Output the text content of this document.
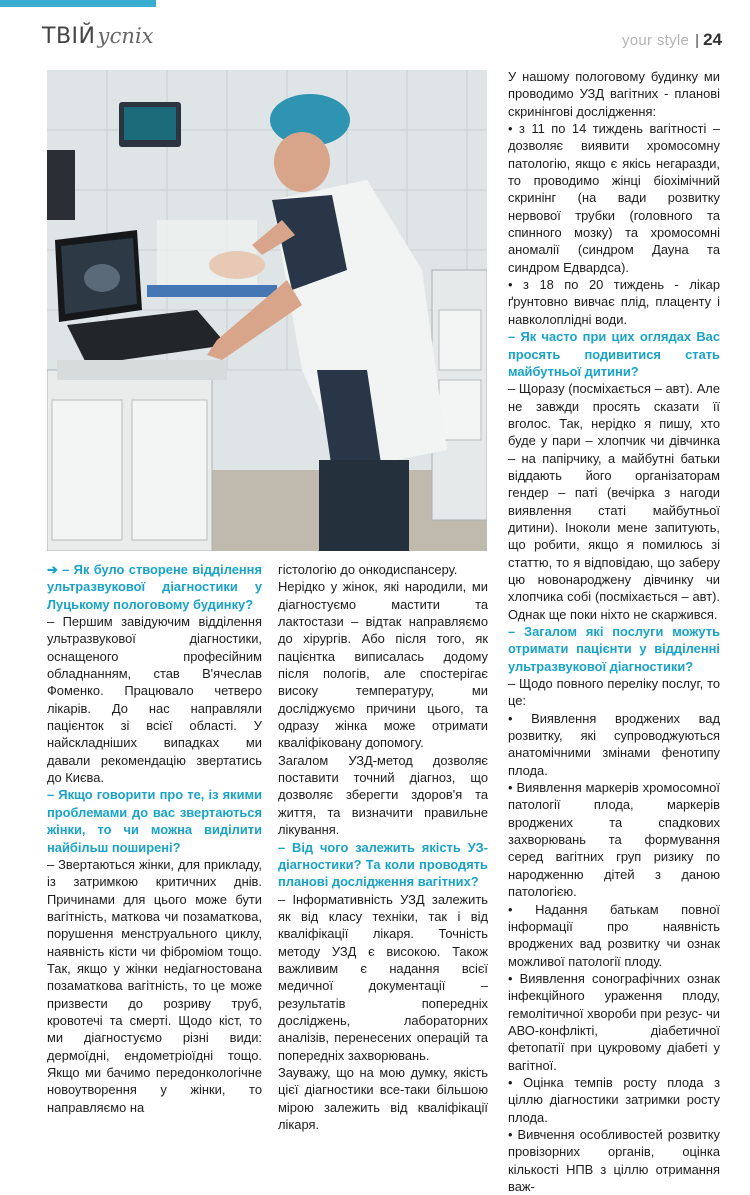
ТВІЙ успіх	your style | 24

➔ – Як було створене відділення ультразвукової діагностики у Луцькому пологовому будинку?

– Першим завідуючим відділення ультразвукової діагностики, оснащеного професійним обладнанням, став В'ячеслав Фоменко. Працювало четверо лікарів. До нас направляли пацієнток зі всієї області. У найскладніших випадках ми давали рекомендацію звертатись до Києва.

– Якщо говорити про те, із якими проблемами до вас звертаються жінки, то чи можна виділити найбільш поширені?

– Звертаються жінки, для прикладу, із затримкою критичних днів. Причинами для цього може бути вагітність, маткова чи позаматкова, порушення менструального циклу, наявність кісти чи фібромiом тощо. Так, якщо у жінки недіагностована позаматкова вагітність, то це може призвести до розриву труб, кровотечі та смерті. Щодо кіст, то ми діагностуємо різні види: дермоїдні, ендометріоїдні тощо. Якщо ми бачимо передонкологічне новоутворення у жінки, то направляємо на

гістологію до онкодиспансеру.

Нерідко у жінок, які народили, ми діагностуємо мастити та лактостази – відтак направляємо до хірургів. Або після того, як пацієнтка виписалась додому після пологів, але спостерігає високу температуру, ми досліджуємо причини цього, та одразу жінка може отримати кваліфіковану допомогу.

Загалом УЗД-метод дозволяє поставити точний діагноз, що дозволяє зберегти здоров'я та життя, та визначити правильне лікування.

– Від чого залежить якість УЗ-діагностики? Та коли проводять планові дослідження вагітних?

– Інформативність УЗД залежить як від класу техніки, так і від кваліфікації лікаря. Точність методу УЗД є високою. Також важливим є надання всієї медичної документації – результатів попередніх досліджень, лабораторних аналізів, перенесених операцій та попередніх захворювань.

Зауважу, що на мою думку, якість цієї діагностики все-таки більшою мірою залежить від кваліфікації лікаря.

У нашому пологовому будинку ми проводимо УЗД вагітних - планові скринінгові дослідження:

• з 11 по 14 тиждень вагітності – дозволяє виявити хромосомну патологію, якщо є якісь негаразди, то проводимо жінці біохімічний скринінг (на вади розвитку нервової трубки (головного та спинного мозку) та хромосомні аномалії (синдром Дауна та синдром Едвардса).

• з 18 по 20 тиждень - лікар ґрунтовно вивчає плід, плаценту і навколоплідні води.

– Як часто при цих оглядах Вас просять подивитися стать майбутньої дитини?

– Щоразу (посміхається – авт). Але не завжди просять сказати її вголос. Так, нерідко я пишу, хто буде у пари – хлопчик чи дівчинка – на папірчику, а майбутні батьки віддають його організаторам гендер – паті (вечірка з нагоди виявлення статі майбутньої дитини). Іноколи мене запитують, що робити, якщо я помилюсь зі статтю, то я відповідаю, що заберу цю новонароджену дівчинку чи хлопчика собі (посміхається – авт). Однак ще поки ніхто не скаржився.

– Загалом які послуги можуть отримати пацієнти у відділенні ультразвукової діагностики?

– Щодо повного переліку послуг, то це:

• Виявлення вроджених вад розвитку, які супроводжуються анатомічними змінами фенотипу плода.

• Виявлення маркерів хромосомної патології плода, маркерів вроджених та спадкових захворювань та формування серед вагітних груп ризику по народженню дітей з даною патологією.

• Надання батькам повної інформації про наявність вроджених вад розвитку чи ознак можливої патології плоду.

• Виявлення сонографічних ознак інфекційного ураження плоду, гемолітичної хвороби при резус- чи АВО-конфлікті, діабетичної фетопатії при цукровому діабеті у вагітної.

• Оцінка темпів росту плода з ціллю діагностики затримки росту плода.

• Вивчення особливостей розвитку провізорних органів, оцінка кількості НПВ з ціллю отримання важ-
